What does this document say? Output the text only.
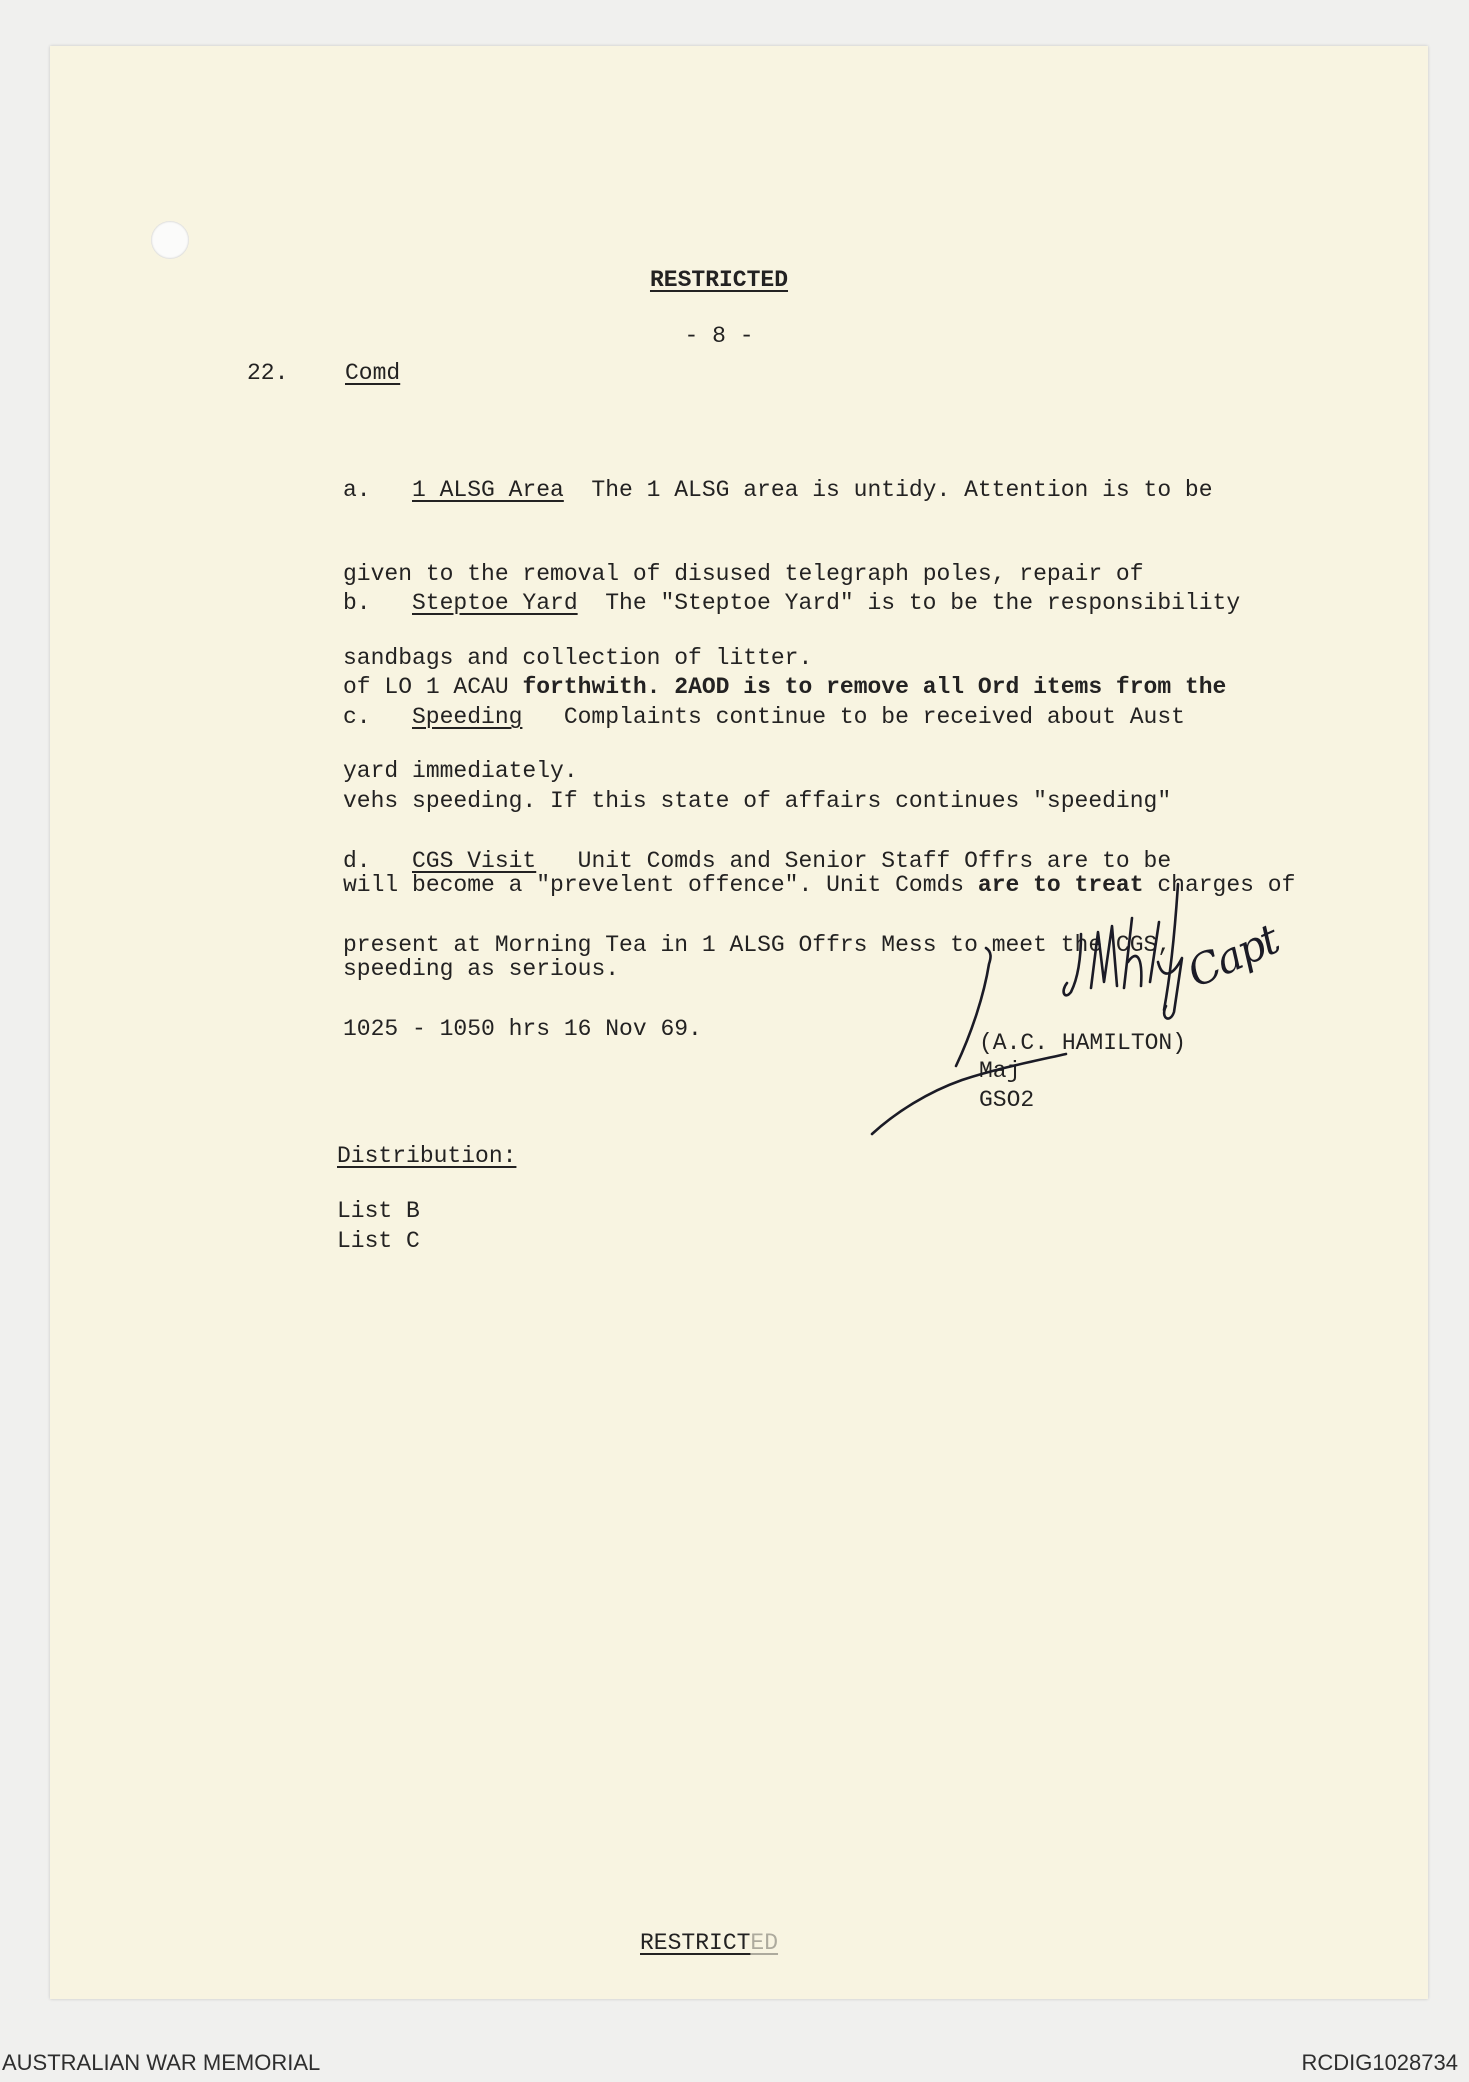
RESTRICTED
- 8 -
22. Comd

a. 1 ALSG Area The 1 ALSG area is untidy. Attention is to be

given to the removal of disused telegraph poles, repair of

sandbags and collection of litter.

b. Steptoe Yard The "Steptoe Yard" is to be the responsibility

of LO 1 ACAU forthwith. 2AOD is to remove all Ord items from the

yard immediately.

c. Speeding Complaints continue to be received about Aust

vehs speeding. If this state of affairs continues "speeding"

will become a "prevelent offence". Unit Comds are to treat charges of

speeding as serious.

d. CGS Visit Unit Comds and Senior Staff Offrs are to be

present at Morning Tea in 1 ALSG Offrs Mess to meet the CGS,

1025 - 1050 hrs 16 Nov 69.

(A.C. HAMILTON)
Maj
GSO2
Capt
Distribution:
List B
List C
RESTRICTED
AUSTRALIAN WAR MEMORIAL	RCDIG1028734
